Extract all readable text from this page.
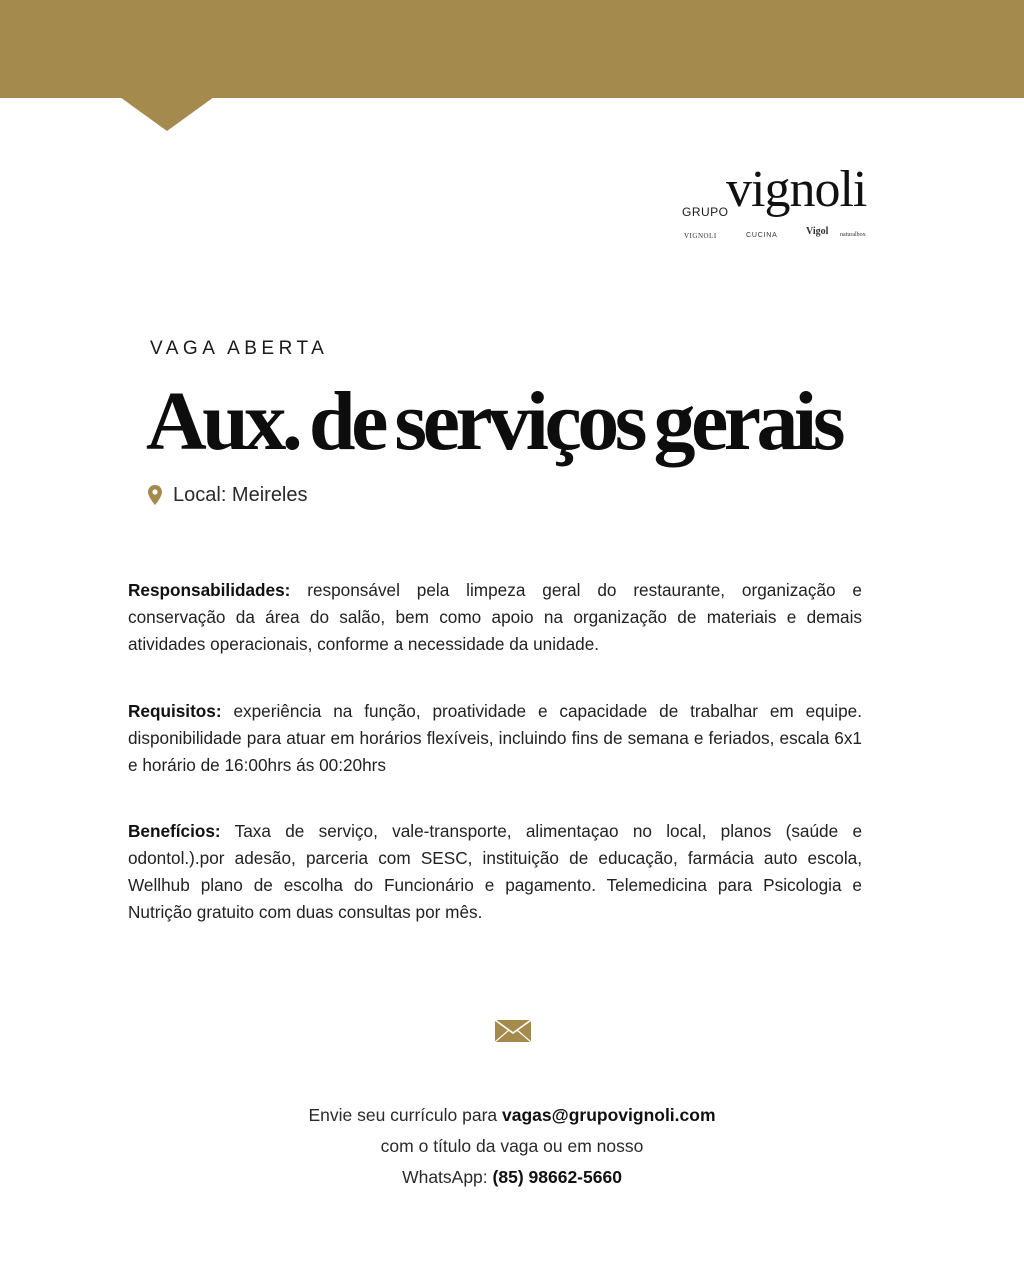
GRUPO
vignoli
VIGNOLI	CUCINA	Vigol naturalbox
VAGA ABERTA
Aux. de serviços gerais
Local: Meireles

Responsabilidades: responsável pela limpeza geral do restaurante, organização e conservação da área do salão, bem como apoio na organização de materiais e demais atividades operacionais, conforme a necessidade da unidade.

Requisitos: experiência na função, proatividade e capacidade de trabalhar em equipe. disponibilidade para atuar em horários flexíveis, incluindo fins de semana e feriados, escala 6x1 e horário de 16:00hrs ás 00:20hrs

Benefícios: Taxa de serviço, vale-transporte, alimentaçao no local, planos (saúde e odontol.).por adesão, parceria com SESC, instituição de educação, farmácia auto escola, Wellhub plano de escolha do Funcionário e pagamento. Telemedicina para Psicologia e Nutrição gratuito com duas consultas por mês.

Envie seu currículo para vagas@grupovignoli.com
com o título da vaga ou em nosso
WhatsApp: (85) 98662-5660
